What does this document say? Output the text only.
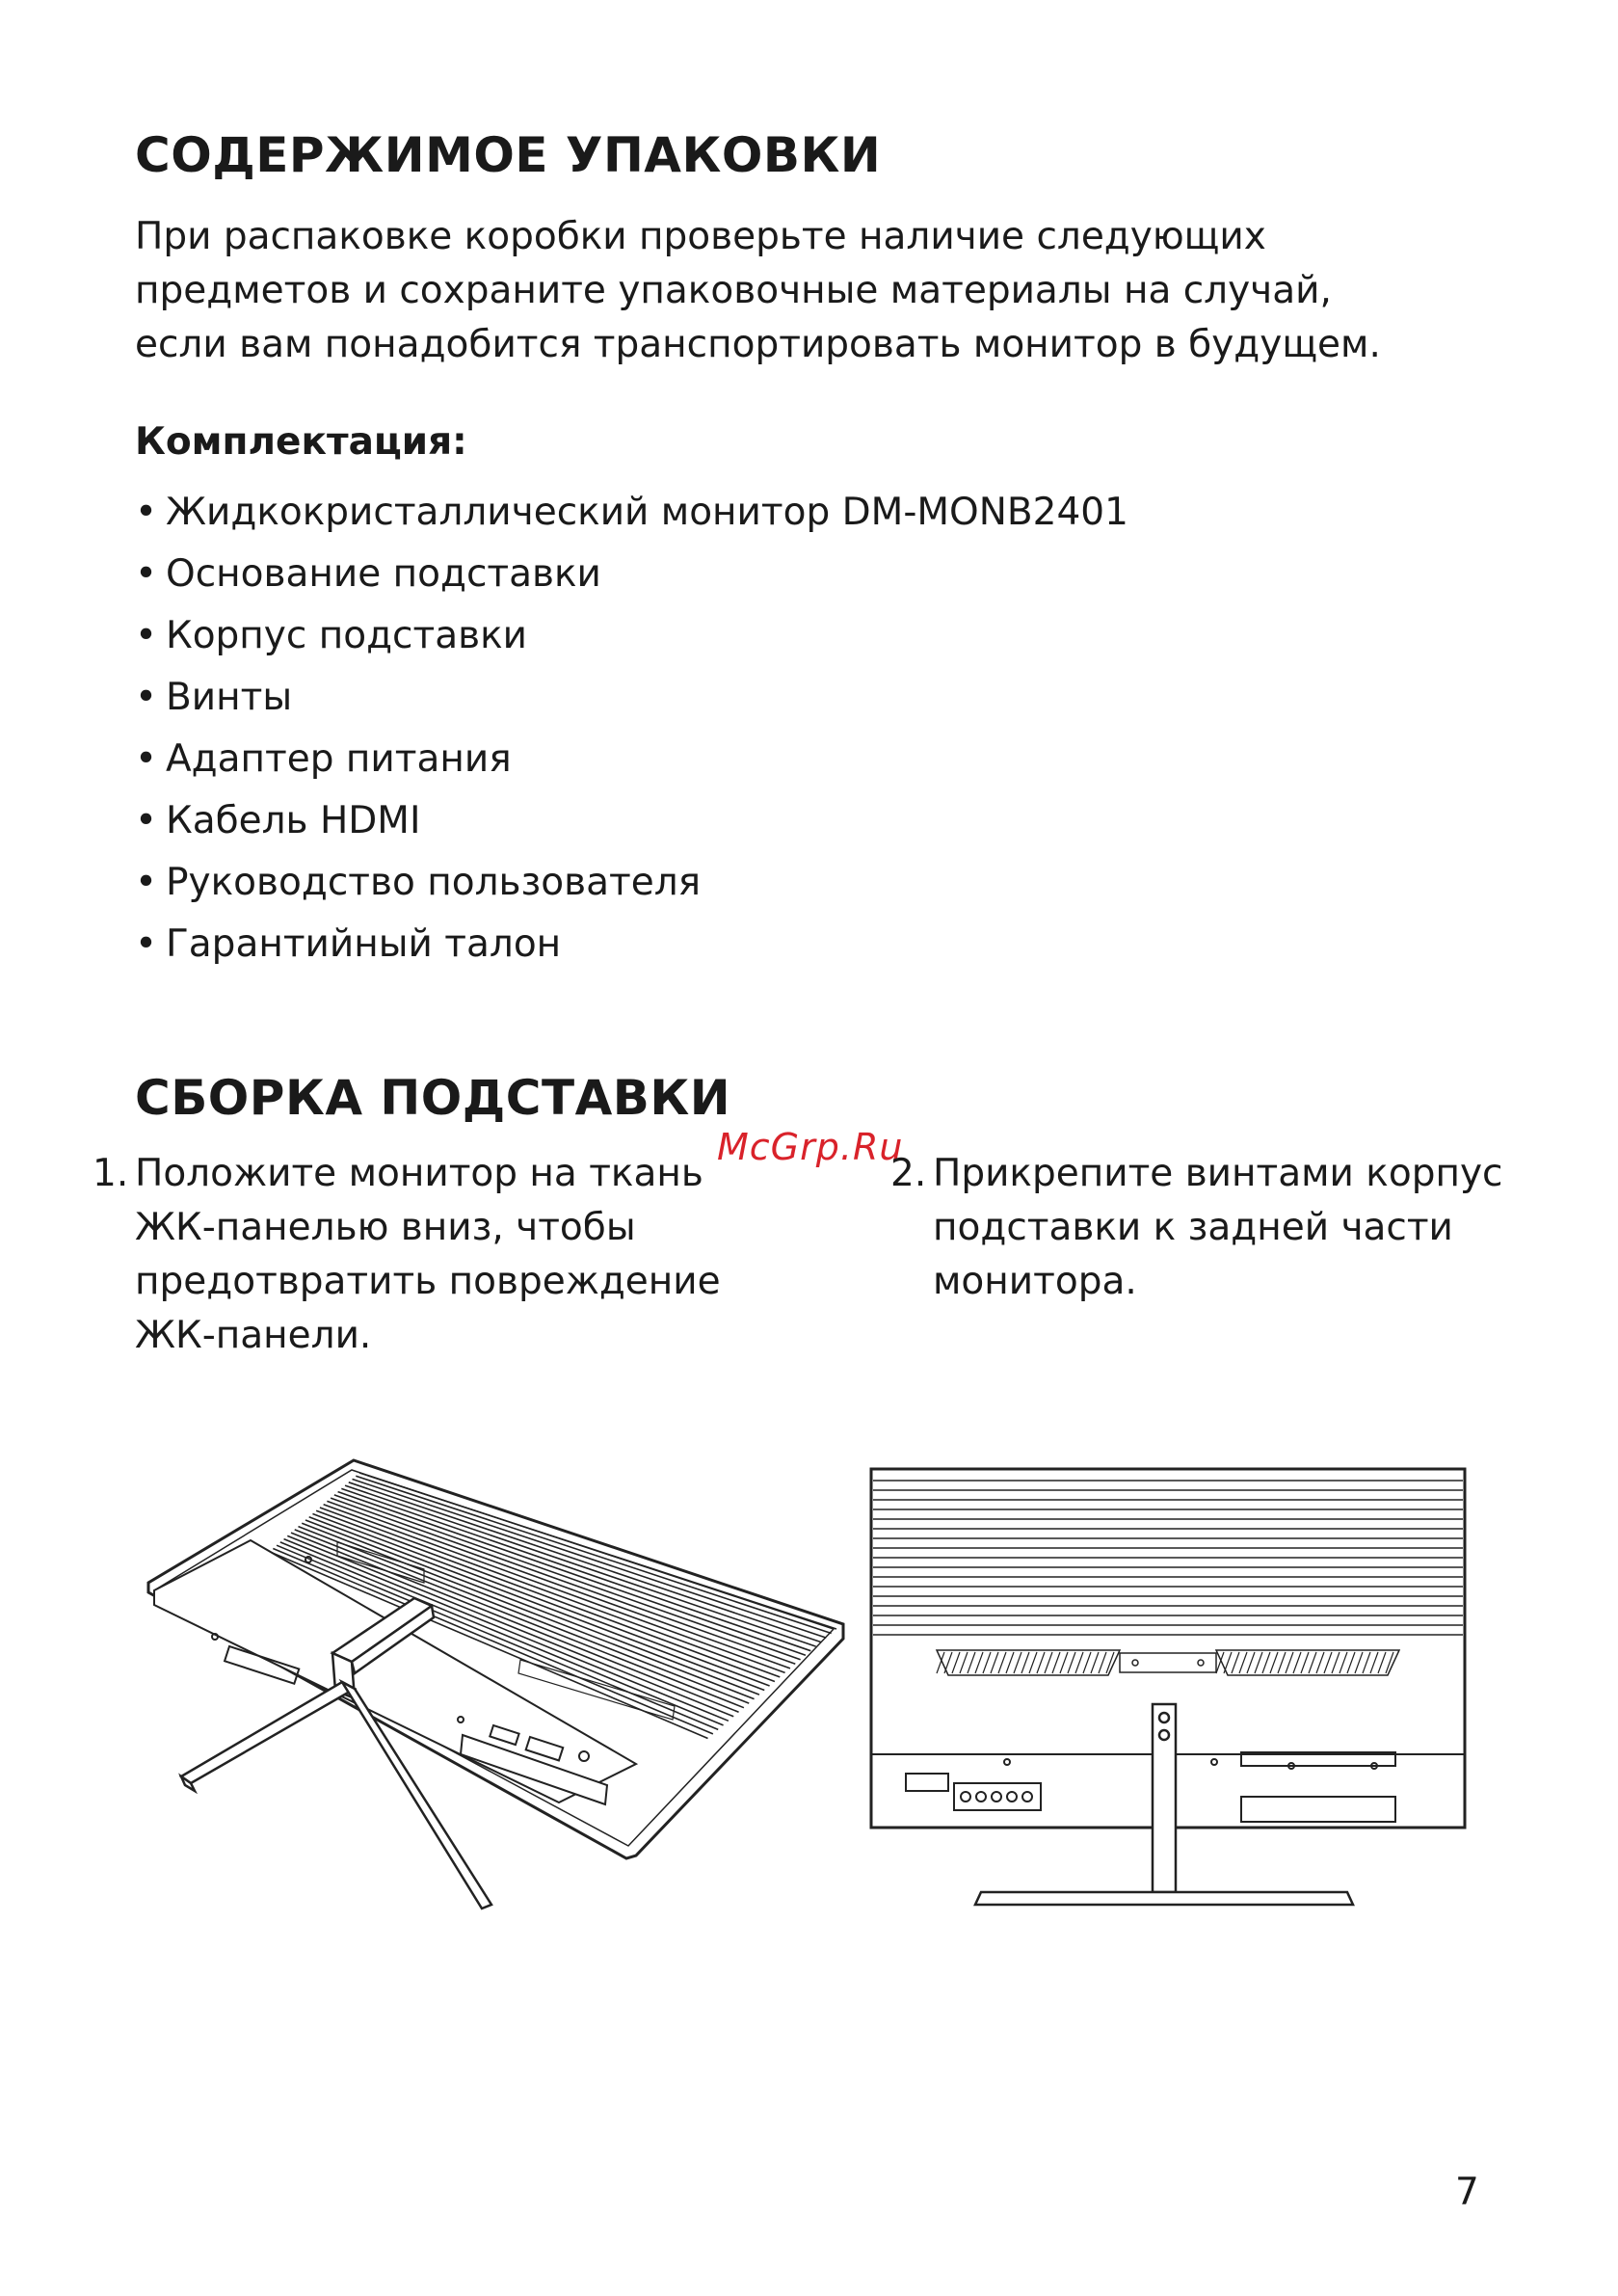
СОДЕРЖИМОЕ УПАКОВКИ

При распаковке коробки проверьте наличие следующих
предметов и сохраните упаковочные материалы на случай,
если вам понадобится транспортировать монитор в будущем.

Комплектация:
• Жидкокристаллический монитор DM-MONB2401
• Основание подставки
• Корпус подставки
• Винты
• Адаптер питания
• Кабель HDMI
• Руководство пользователя
• Гарантийный талон
СБОРКА ПОДСТАВКИ
McGrp.Ru
1. Положите монитор на ткань
ЖК-панелью вниз, чтобы
предотвратить повреждение
ЖК-панели.
2. Прикрепите винтами корпус
подставки к задней части
монитора.

7
